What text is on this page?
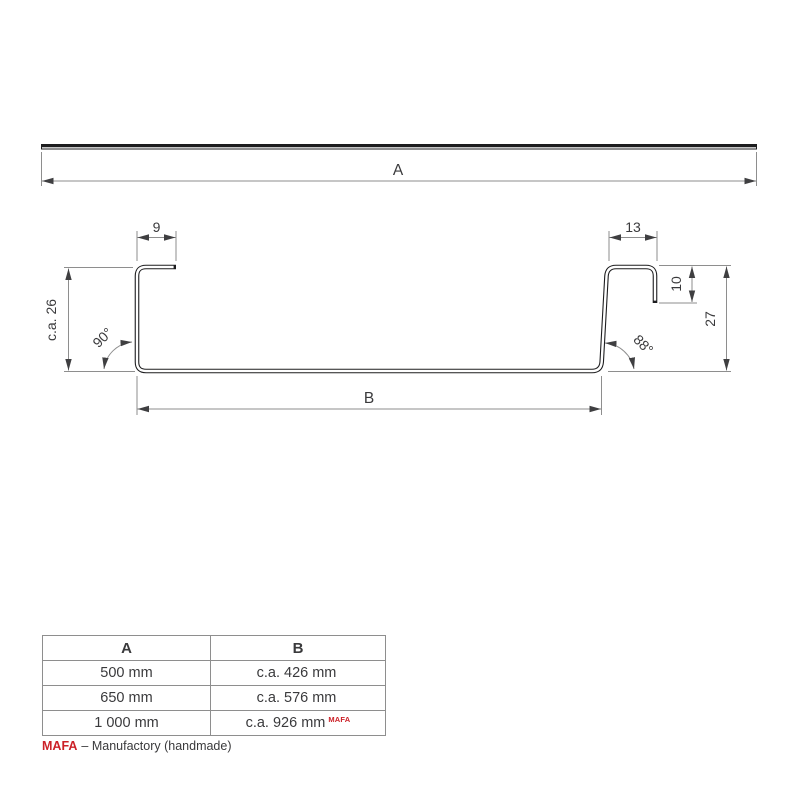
A
9	13
c.a. 26 90°	88°
10
27
B
A	B
500 mm	c.a. 426 mm
650 mm	c.a. 576 mm
1 000 mm	c.a. 926 mm $^{MAFA}$
MAFA – Manufactory (handmade)
